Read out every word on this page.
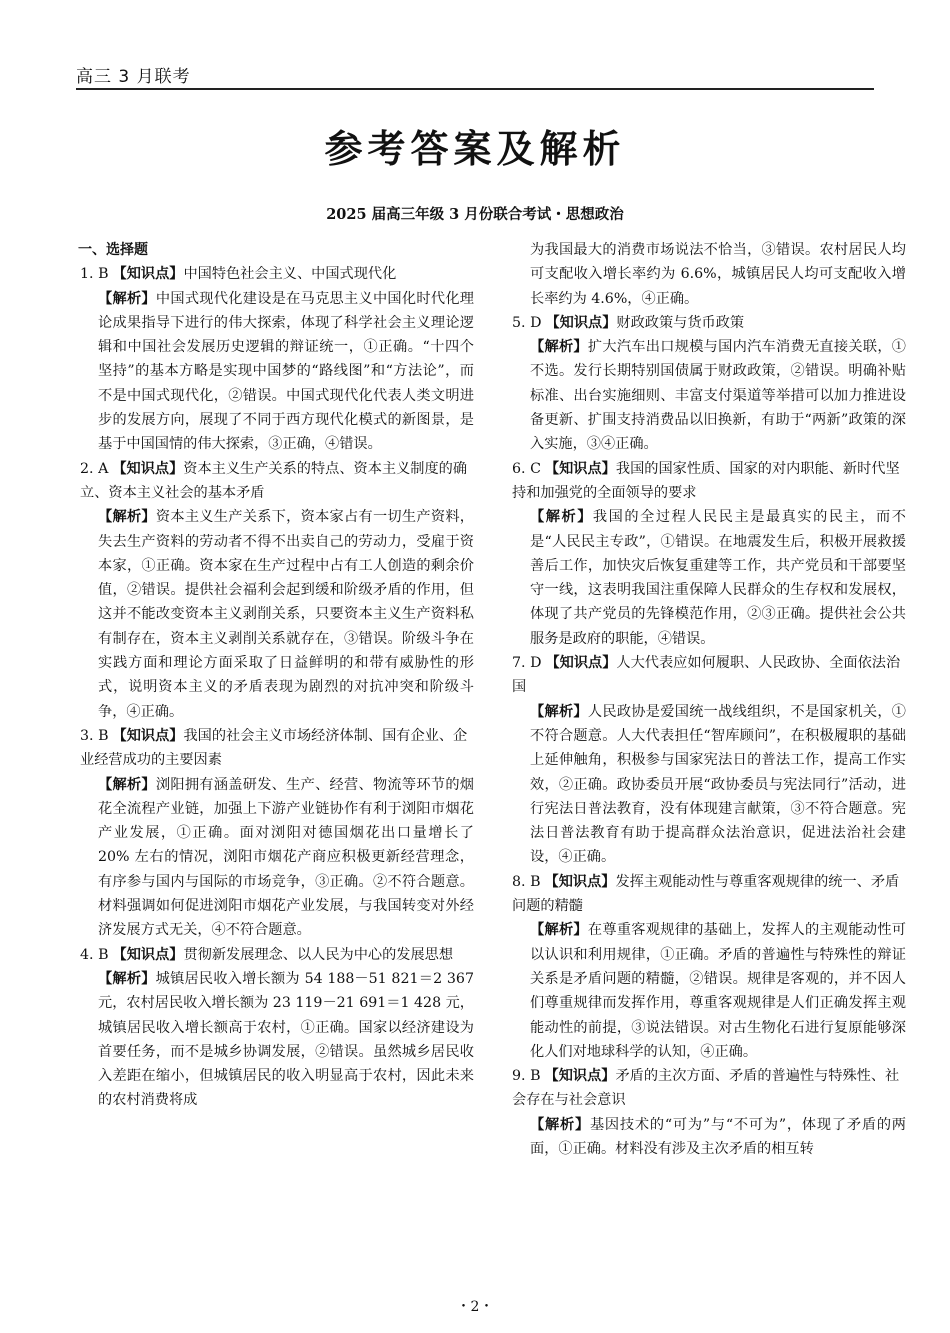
高三 3 月联考
参考答案及解析
2025 届高三年级 3 月份联合考试・思想政治
一、选择题
1. B 【知识点】中国特色社会主义、中国式现代化
【解析】中国式现代化建设是在马克思主义中国化时代化理论成果指导下进行的伟大探索，体现了科学社会主义理论逻辑和中国社会发展历史逻辑的辩证统一，①正确。“十四个坚持”的基本方略是实现中国梦的“路线图”和“方法论”，而不是中国式现代化，②错误。中国式现代化代表人类文明进步的发展方向，展现了不同于西方现代化模式的新图景，是基于中国国情的伟大探索，③正确，④错误。
2. A 【知识点】资本主义生产关系的特点、资本主义制度的确立、资本主义社会的基本矛盾
【解析】资本主义生产关系下，资本家占有一切生产资料，失去生产资料的劳动者不得不出卖自己的劳动力，受雇于资本家，①正确。资本家在生产过程中占有工人创造的剩余价值，②错误。提供社会福利会起到缓和阶级矛盾的作用，但这并不能改变资本主义剥削关系，只要资本主义生产资料私有制存在，资本主义剥削关系就存在，③错误。阶级斗争在实践方面和理论方面采取了日益鲜明的和带有威胁性的形式，说明资本主义的矛盾表现为剧烈的对抗冲突和阶级斗争，④正确。
3. B 【知识点】我国的社会主义市场经济体制、国有企业、企业经营成功的主要因素
【解析】浏阳拥有涵盖研发、生产、经营、物流等环节的烟花全流程产业链，加强上下游产业链协作有利于浏阳市烟花产业发展，①正确。面对浏阳对德国烟花出口量增长了 20% 左右的情况，浏阳市烟花产商应积极更新经营理念，有序参与国内与国际的市场竞争，③正确。②不符合题意。材料强调如何促进浏阳市烟花产业发展，与我国转变对外经济发展方式无关，④不符合题意。
4. B 【知识点】贯彻新发展理念、以人民为中心的发展思想
【解析】城镇居民收入增长额为 54 188－51 821＝2 367 元，农村居民收入增长额为 23 119－21 691＝1 428 元，城镇居民收入增长额高于农村，①正确。国家以经济建设为首要任务，而不是城乡协调发展，②错误。虽然城乡居民收入差距在缩小，但城镇居民的收入明显高于农村，因此未来的农村消费将成
为我国最大的消费市场说法不恰当，③错误。农村居民人均可支配收入增长率约为 6.6%，城镇居民人均可支配收入增长率约为 4.6%，④正确。
5. D 【知识点】财政政策与货币政策
【解析】扩大汽车出口规模与国内汽车消费无直接关联，①不选。发行长期特别国债属于财政政策，②错误。明确补贴标准、出台实施细则、丰富支付渠道等举措可以加力推进设备更新、扩围支持消费品以旧换新，有助于“两新”政策的深入实施，③④正确。
6. C 【知识点】我国的国家性质、国家的对内职能、新时代坚持和加强党的全面领导的要求
【解析】我国的全过程人民民主是最真实的民主，而不是“人民民主专政”，①错误。在地震发生后，积极开展救援善后工作，加快灾后恢复重建等工作，共产党员和干部要坚守一线，这表明我国注重保障人民群众的生存权和发展权，体现了共产党员的先锋模范作用，②③正确。提供社会公共服务是政府的职能，④错误。
7. D 【知识点】人大代表应如何履职、人民政协、全面依法治国
【解析】人民政协是爱国统一战线组织，不是国家机关，①不符合题意。人大代表担任“智库顾问”，在积极履职的基础上延伸触角，积极参与国家宪法日的普法工作，提高工作实效，②正确。政协委员开展“政协委员与宪法同行”活动，进行宪法日普法教育，没有体现建言献策，③不符合题意。宪法日普法教育有助于提高群众法治意识，促进法治社会建设，④正确。
8. B 【知识点】发挥主观能动性与尊重客观规律的统一、矛盾问题的精髓
【解析】在尊重客观规律的基础上，发挥人的主观能动性可以认识和利用规律，①正确。矛盾的普遍性与特殊性的辩证关系是矛盾问题的精髓，②错误。规律是客观的，并不因人们尊重规律而发挥作用，尊重客观规律是人们正确发挥主观能动性的前提，③说法错误。对古生物化石进行复原能够深化人们对地球科学的认知，④正确。
9. B 【知识点】矛盾的主次方面、矛盾的普遍性与特殊性、社会存在与社会意识
【解析】基因技术的“可为”与“不可为”，体现了矛盾的两面，①正确。材料没有涉及主次矛盾的相互转
・2・
